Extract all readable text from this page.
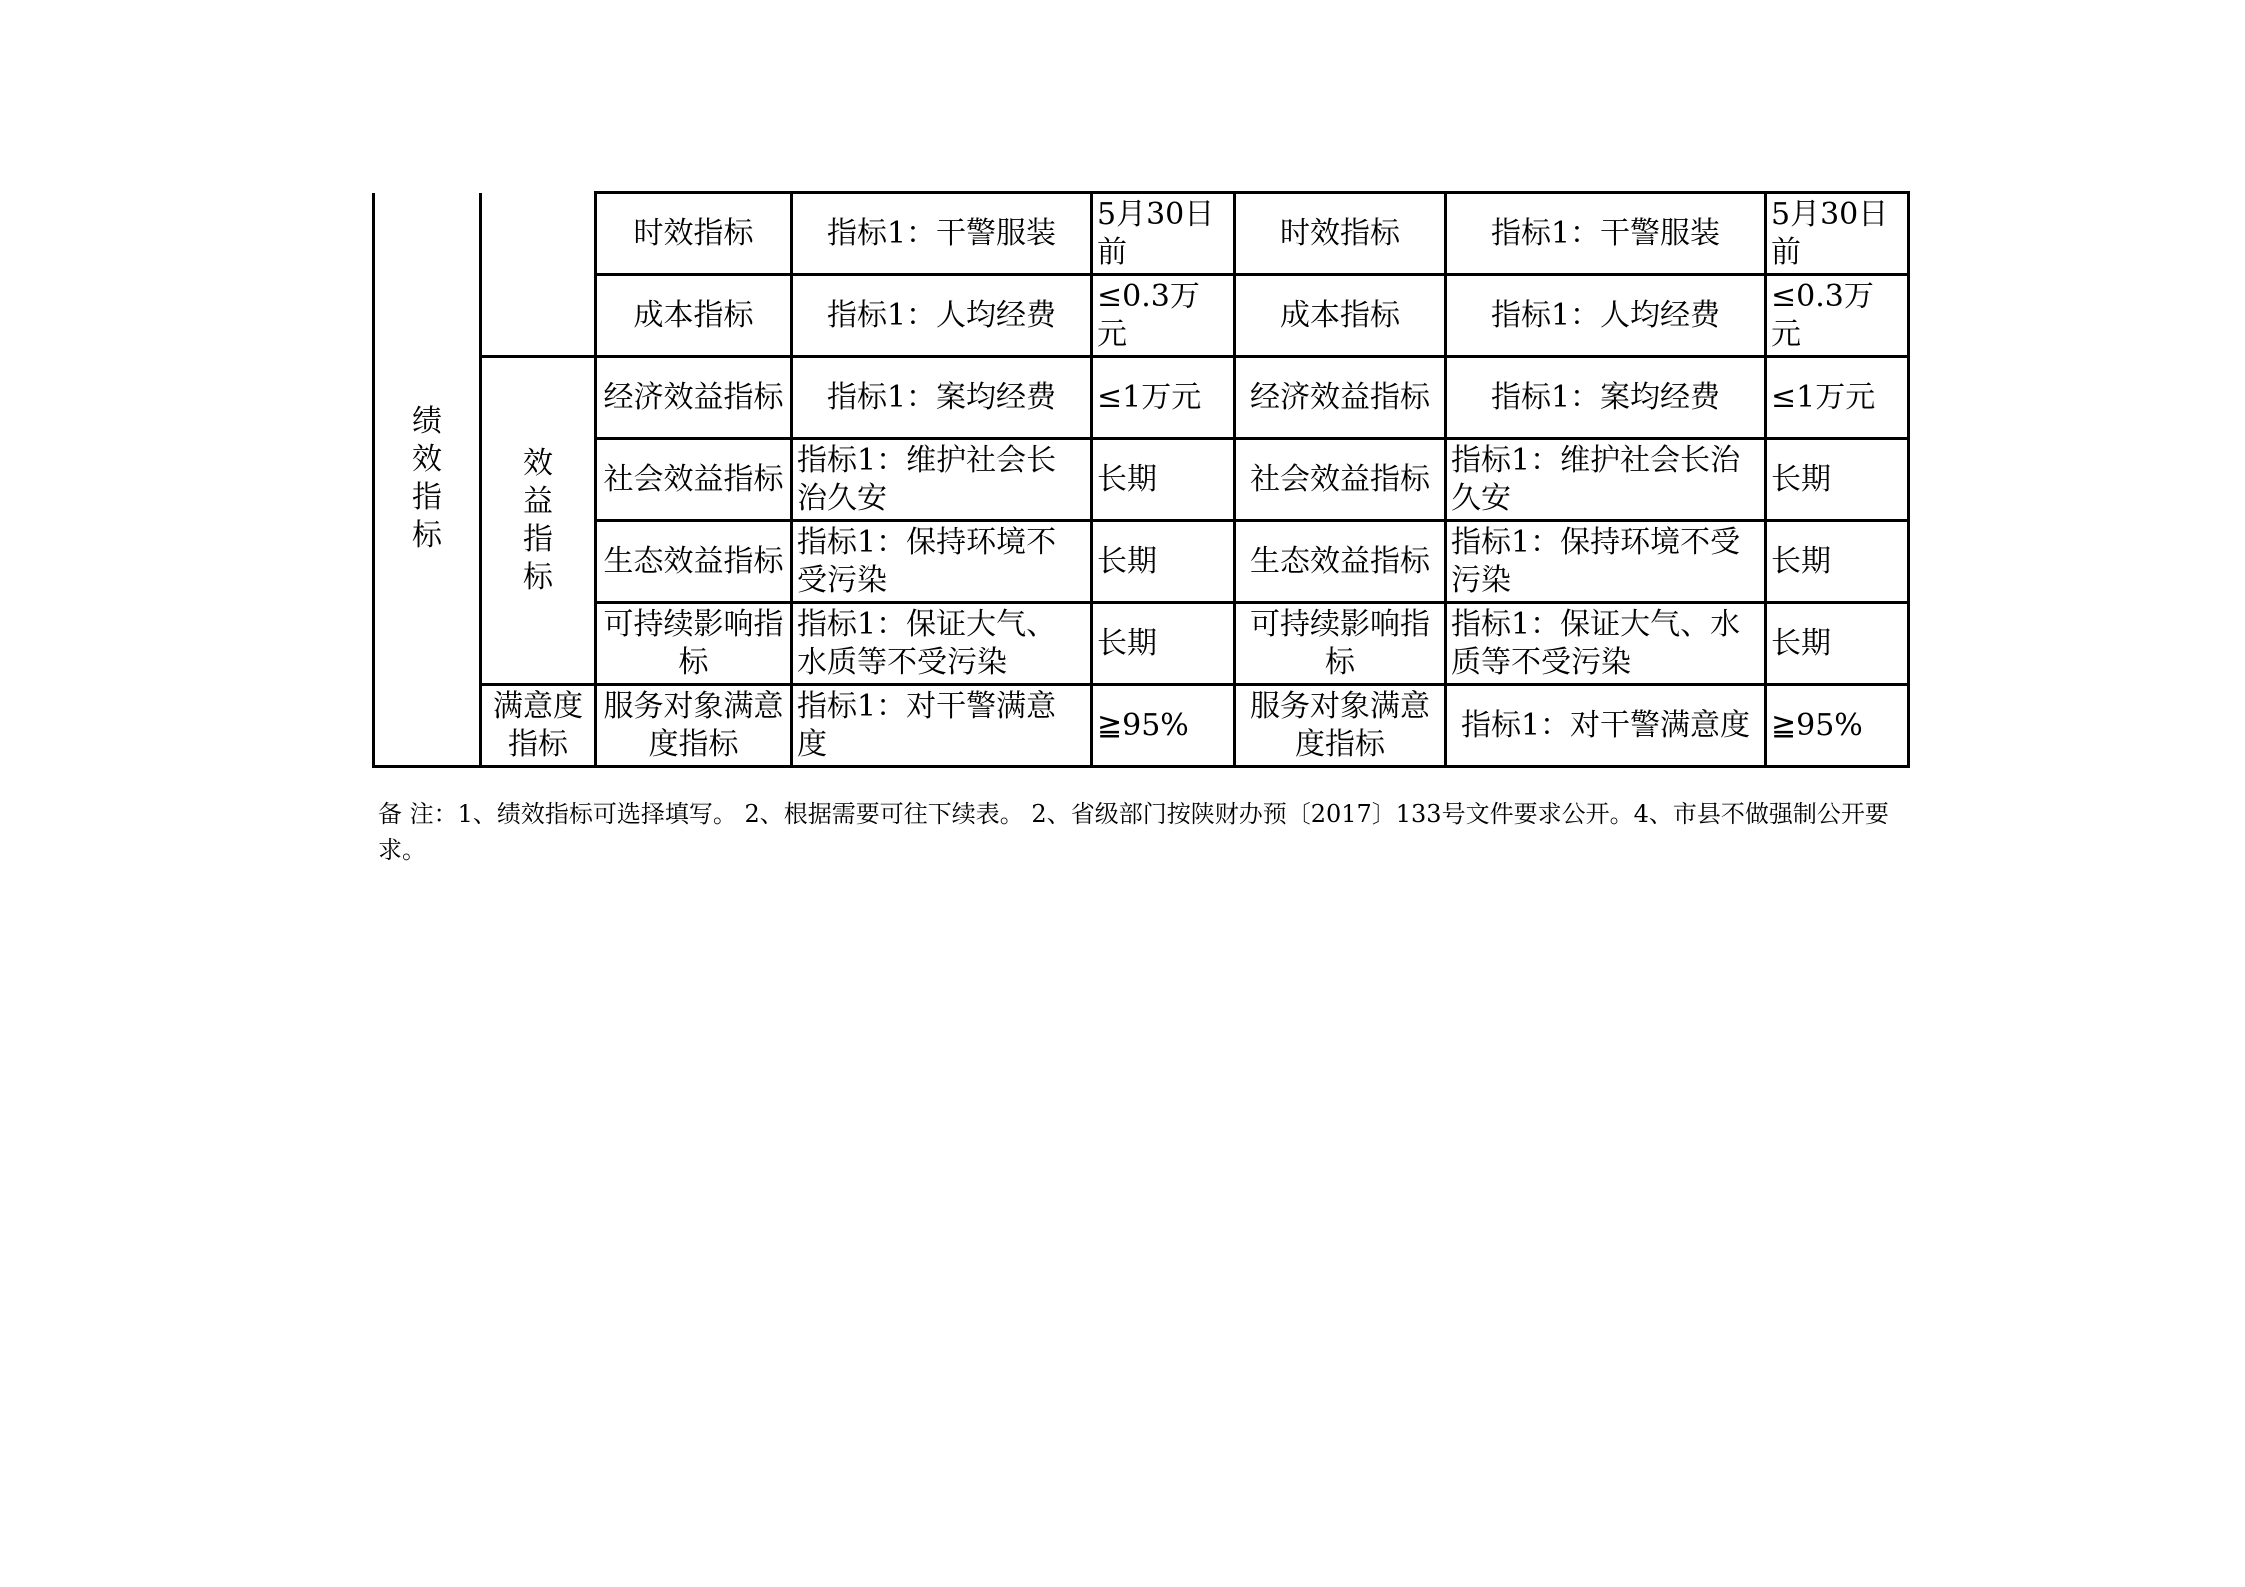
绩
效
指
标		时效指标	指标1：干警服装	5月30日前	时效指标	指标1：干警服装	5月30日前
		成本指标	指标1：人均经费	≤0.3万元	成本指标	指标1：人均经费	≤0.3万元

	效
益
指
标	经济效益指标	指标1：案均经费	≤1万元	经济效益指标	指标1：案均经费	≤1万元
		社会效益指标	指标1：维护社会长治久安	长期	社会效益指标	指标1：维护社会长治久安	长期
		生态效益指标	指标1：保持环境不受污染	长期	生态效益指标	指标1：保持环境不受污染	长期
		可持续影响指标	指标1：保证大气、水质等不受污染	长期	可持续影响指标	指标1：保证大气、水质等不受污染	长期
	满意度指标	服务对象满意度指标	指标1：对干警满意度	≧95%	服务对象满意度指标	指标1：对干警满意度	≧95%
备 注：1、绩效指标可选择填写。 2、根据需要可往下续表。 2、省级部门按陕财办预〔2017〕133号文件要求公开。4、市县不做强制公开要求。
